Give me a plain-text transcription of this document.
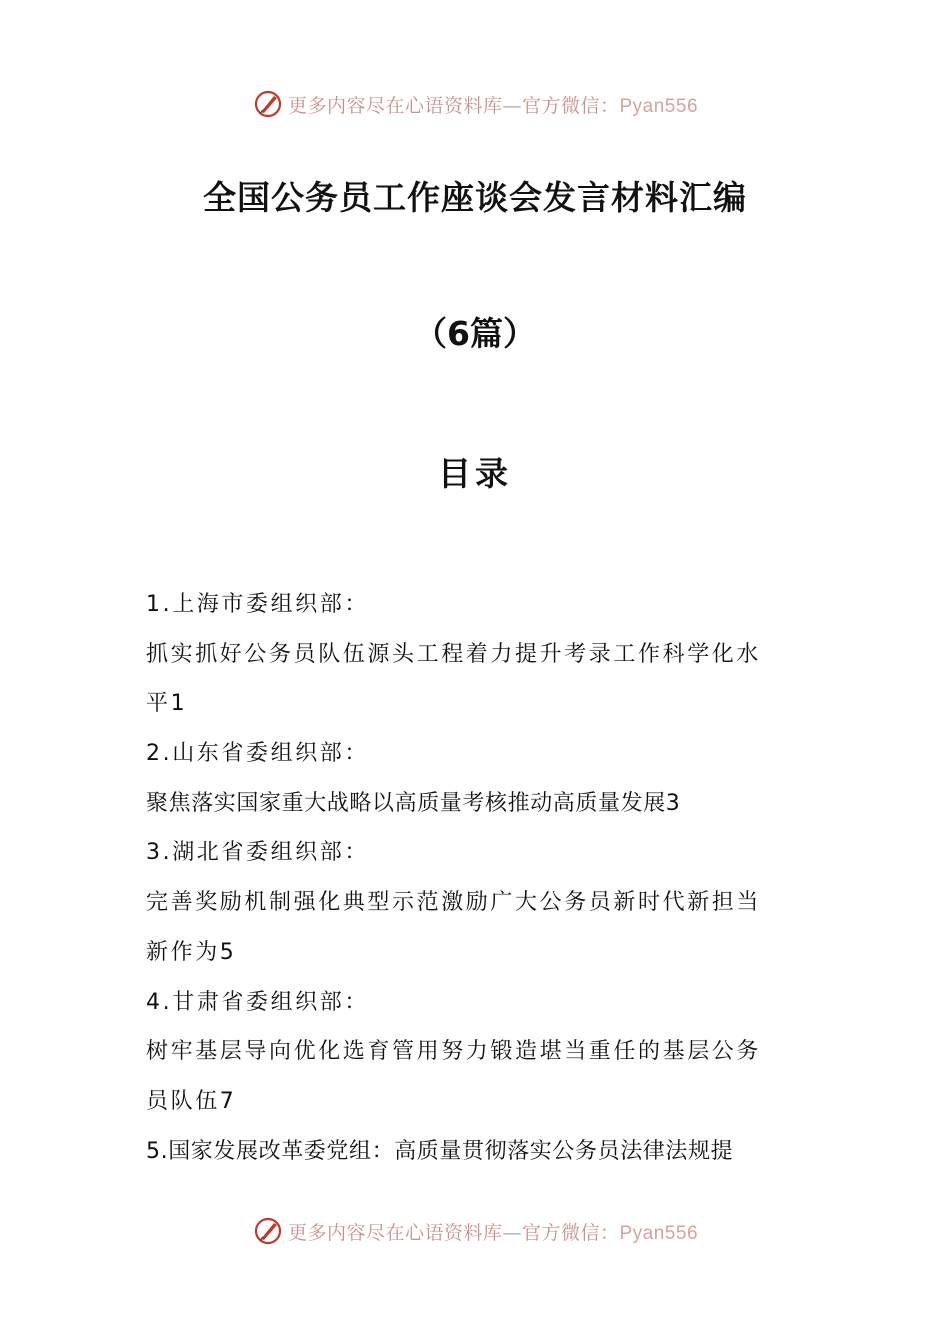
更多内容尽在心语资料库—官方微信：Pyan556
全国公务员工作座谈会发言材料汇编
（6篇）
目录
1.上海市委组织部：
抓实抓好公务员队伍源头工程着力提升考录工作科学化水
平1
2.山东省委组织部：
聚焦落实国家重大战略以高质量考核推动高质量发展3
3.湖北省委组织部：
完善奖励机制强化典型示范激励广大公务员新时代新担当
新作为5
4.甘肃省委组织部：
树牢基层导向优化选育管用努力锻造堪当重任的基层公务
员队伍7
5.国家发展改革委党组：高质量贯彻落实公务员法律法规提
更多内容尽在心语资料库—官方微信：Pyan556
